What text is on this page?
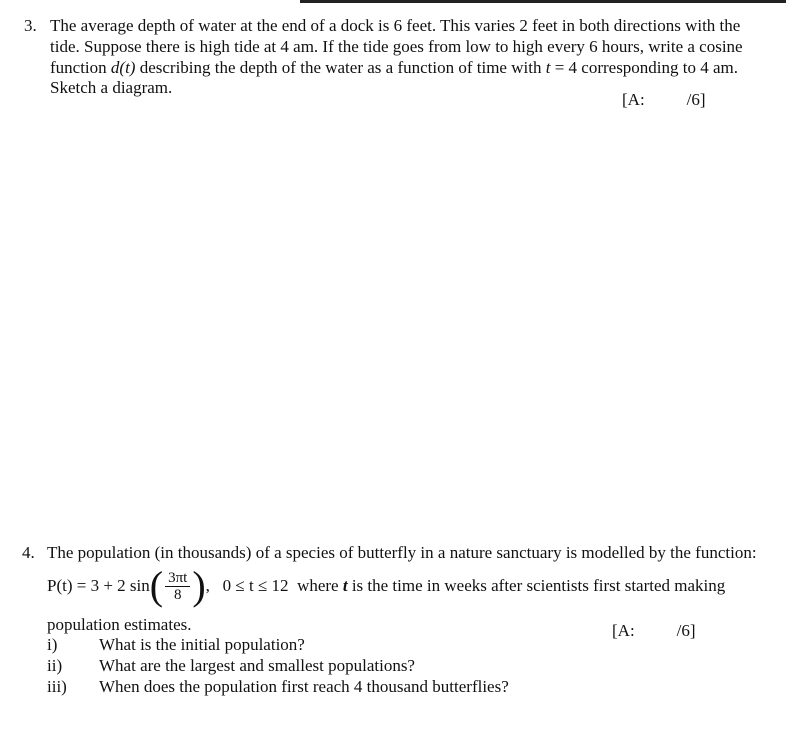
3. The average depth of water at the end of a dock is 6 feet. This varies 2 feet in both directions with the
tide. Suppose there is high tide at 4 am. If the tide goes from low to high every 6 hours, write a cosine
function d(t) describing the depth of the water as a function of time with t = 4 corresponding to 4 am.
Sketch a diagram.
[A: /6]
4. The population (in thousands) of a species of butterfly in a nature sanctuary is modelled by the function:
P(t) = 3 + 2 $\sin( \frac{3\pi t}{8}$ ),   0 ≤ t ≤ 12 where t is the time in weeks after scientists first started making
population estimates.	[A: /6]
i) What is the initial population?
ii) What are the largest and smallest populations?
iii) When does the population first reach 4 thousand butterflies?
